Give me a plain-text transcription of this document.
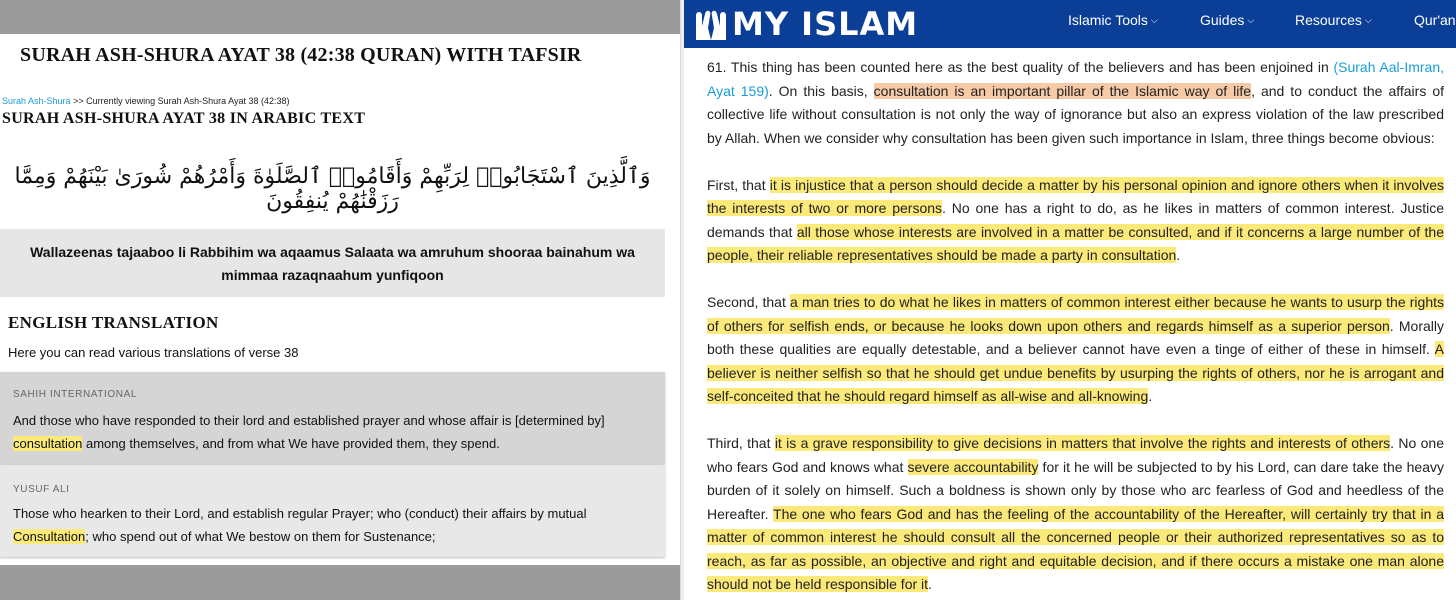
SURAH ASH-SHURA AYAT 38 (42:38 QURAN) WITH TAFSIR
Surah Ash-Shura >> Currently viewing Surah Ash-Shura Ayat 38 (42:38)
SURAH ASH-SHURA AYAT 38 IN ARABIC TEXT
وَٱلَّذِينَ ٱسْتَجَابُوا۟ لِرَبِّهِمْ وَأَقَامُوا۟ ٱلصَّلَوٰةَ وَأَمْرُهُمْ شُورَىٰ بَيْنَهُمْ وَمِمَّا رَزَقْنَٰهُمْ يُنفِقُونَ
Wallazeenas tajaaboo li Rabbihim wa aqaamus Salaata wa amruhum shooraa bainahum wa mimmaa razaqnaahum yunfiqoon
ENGLISH TRANSLATION
Here you can read various translations of verse 38
SAHIH INTERNATIONAL
And those who have responded to their lord and established prayer and whose affair is [determined by] consultation among themselves, and from what We have provided them, they spend.
YUSUF ALI
Those who hearken to their Lord, and establish regular Prayer; who (conduct) their affairs by mutual Consultation; who spend out of what We bestow on them for Sustenance;
MY ISLAM	Islamic Tools ⌵	Guides ⌵	Resources ⌵	Qur'an

61. This thing has been counted here as the best quality of the believers and has been enjoined in (Surah Aal-Imran, Ayat 159). On this basis, consultation is an important pillar of the Islamic way of life, and to conduct the affairs of collective life without consultation is not only the way of ignorance but also an express violation of the law prescribed by Allah. When we consider why consultation has been given such importance in Islam, three things become obvious:

First, that it is injustice that a person should decide a matter by his personal opinion and ignore others when it involves the interests of two or more persons. No one has a right to do, as he likes in matters of common interest. Justice demands that all those whose interests are involved in a matter be consulted, and if it concerns a large number of the people, their reliable representatives should be made a party in consultation.

Second, that a man tries to do what he likes in matters of common interest either because he wants to usurp the rights of others for selfish ends, or because he looks down upon others and regards himself as a superior person. Morally both these qualities are equally detestable, and a believer cannot have even a tinge of either of these in himself. A believer is neither selfish so that he should get undue benefits by usurping the rights of others, nor he is arrogant and self-conceited that he should regard himself as all-wise and all-knowing.

Third, that it is a grave responsibility to give decisions in matters that involve the rights and interests of others. No one who fears God and knows what severe accountability for it he will be subjected to by his Lord, can dare take the heavy burden of it solely on himself. Such a boldness is shown only by those who arc fearless of God and heedless of the Hereafter. The one who fears God and has the feeling of the accountability of the Hereafter, will certainly try that in a matter of common interest he should consult all the concerned people or their authorized representatives so as to reach, as far as possible, an objective and right and equitable decision, and if there occurs a mistake one man alone should not be held responsible for it.
